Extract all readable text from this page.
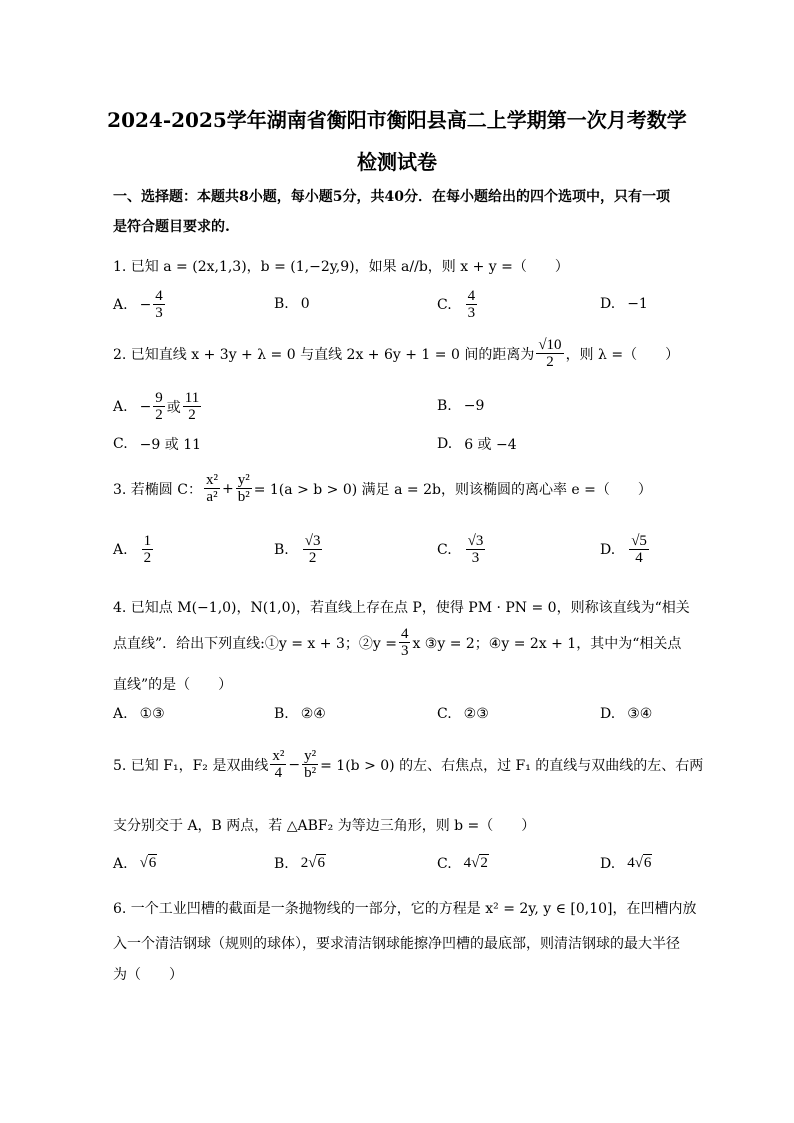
2024-2025学年湖南省衡阳市衡阳县高二上学期第一次月考数学
检测试卷
一、选择题：本题共8小题，每小题5分，共40分．在每小题给出的四个选项中，只有一项
是符合题目要求的.
1. 已知 a = (2x,1,3)，b = (1,−2y,9)，如果 a//b，则 x + y =（　　）
A. − $\frac{4}{3}$	B. 0	C. $\frac{4}{3}$	D. −1
2. 已知直线 x + 3y + λ = 0 与直线 2x + 6y + 1 = 0 间的距离为 $\frac{√10}{2}$ ，则 λ =（　　）
A. − $\frac{9}{2}$ 或 $\frac{11}{2}$	B. −9
C. −9 或 11	D. 6 或 −4
3. 若椭圆 C： $\frac{\text{x²}}{\text{a²}} + \frac{\text{y²}}{\text{b²}} = 1(a > b > 0)$ 满足 a = 2b，则该椭圆的离心率 e =（　　）
A. $\frac{1}{2}$	B. $\frac{√3}{2}$	C. $\frac{√3}{3}$	D. $\frac{√5}{4}$
4. 已知点 M(−1,0)，N(1,0)，若直线上存在点 P，使得 PM · PN = 0，则称该直线为“相关
点直线”．给出下列直线:①y = x + 3；②y = $\frac{4}{3}$ x ③y = 2；④y = 2x + 1，其中为“相关点
直线”的是（　　）
A. ①③	B. ②④	C. ②③	D. ③④
5. 已知 F₁，F₂ 是双曲线 $\frac{\text{x²}}{4} - \frac{\text{y²}}{\text{b²}} = 1(b > 0)$ 的左、右焦点，过 F₁ 的直线与双曲线的左、右两
支分别交于 A，B 两点，若 △ABF₂ 为等边三角形，则 b =（　　）
A. √6	B. 2√6	C. 4√2	D. 4√6
6. 一个工业凹槽的截面是一条抛物线的一部分，它的方程是 x² = 2y, y ∈ [0,10]，在凹槽内放
入一个清洁钢球（规则的球体），要求清洁钢球能擦净凹槽的最底部，则清洁钢球的最大半径
为（　　）
